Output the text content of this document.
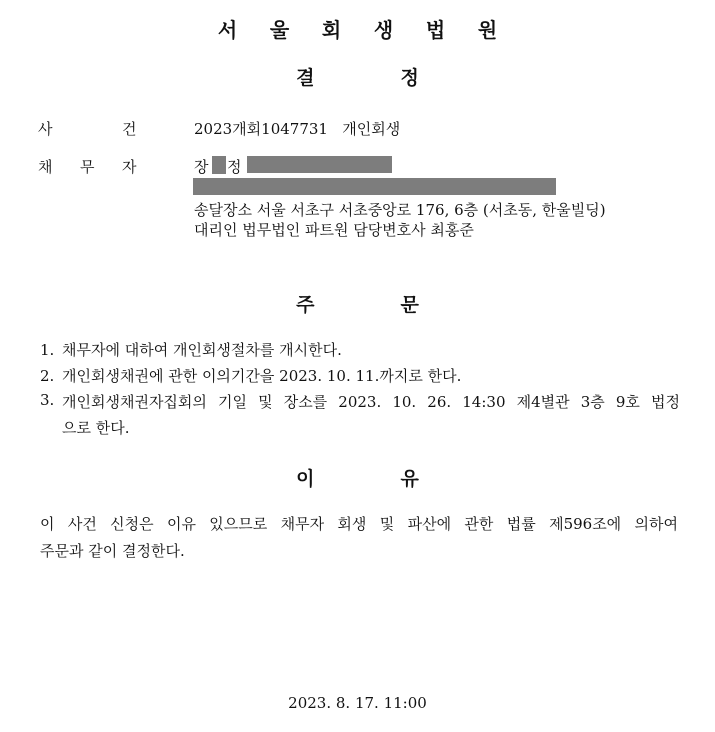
서 울 회 생 법 원
결	정
사	건	2023개회1047731 개인회생
채 무 자	장 정
송달장소 서울 서초구 서초중앙로 176, 6층 (서초동, 한울빌딩)
대리인 법무법인 파트원 담당변호사 최홍준
주	문
1. 채무자에 대하여 개인회생절차를 개시한다.
2. 개인회생채권에 관한 이의기간을 2023. 10. 11.까지로 한다.
3. 개인회생채권자집회의 기일 및 장소를 2023. 10. 26. 14:30 제4별관 3층 9호 법정
으로 한다.
이	유
이 사건 신청은 이유 있으므로 채무자 회생 및 파산에 관한 법률 제596조에 의하여
주문과 같이 결정한다.
2023. 8. 17. 11:00
